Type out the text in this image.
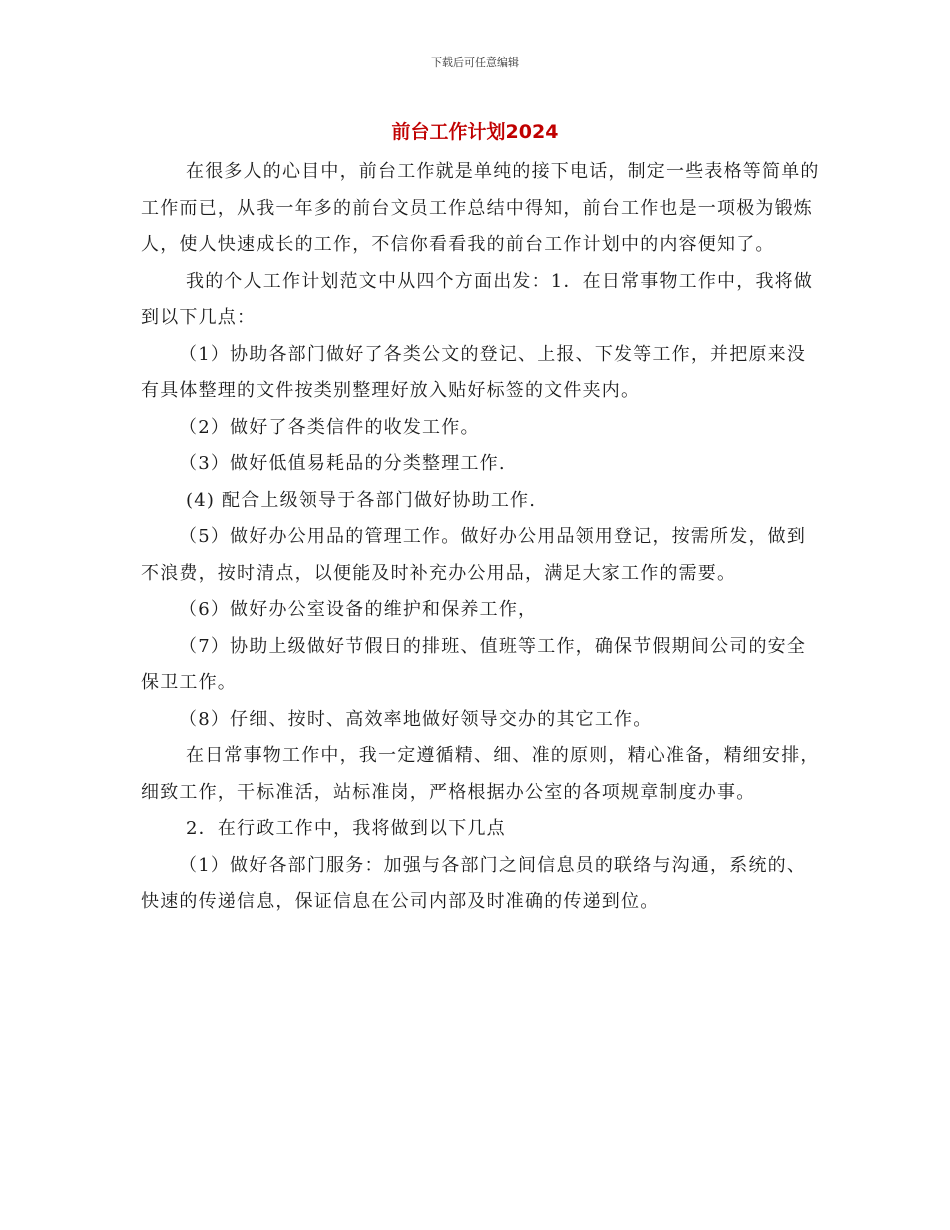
下载后可任意编辑
前台工作计划2024

在很多人的心目中，前台工作就是单纯的接下电话，制定一些表格等简单的工作而已，从我一年多的前台文员工作总结中得知，前台工作也是一项极为锻炼人，使人快速成长的工作，不信你看看我的前台工作计划中的内容便知了。

我的个人工作计划范文中从四个方面出发：1．在日常事物工作中，我将做到以下几点：

（1）协助各部门做好了各类公文的登记、上报、下发等工作，并把原来没有具体整理的文件按类别整理好放入贴好标签的文件夹内。

（2）做好了各类信件的收发工作。

（3）做好低值易耗品的分类整理工作.

(4) 配合上级领导于各部门做好协助工作.

（5）做好办公用品的管理工作。做好办公用品领用登记，按需所发，做到不浪费，按时清点，以便能及时补充办公用品，满足大家工作的需要。

（6）做好办公室设备的维护和保养工作，

（7）协助上级做好节假日的排班、值班等工作，确保节假期间公司的安全保卫工作。

（8）仔细、按时、高效率地做好领导交办的其它工作。

在日常事物工作中，我一定遵循精、细、准的原则，精心准备，精细安排，细致工作，干标准活，站标准岗，严格根据办公室的各项规章制度办事。

2．在行政工作中，我将做到以下几点

（1）做好各部门服务：加强与各部门之间信息员的联络与沟通，系统的、快速的传递信息，保证信息在公司内部及时准确的传递到位。
